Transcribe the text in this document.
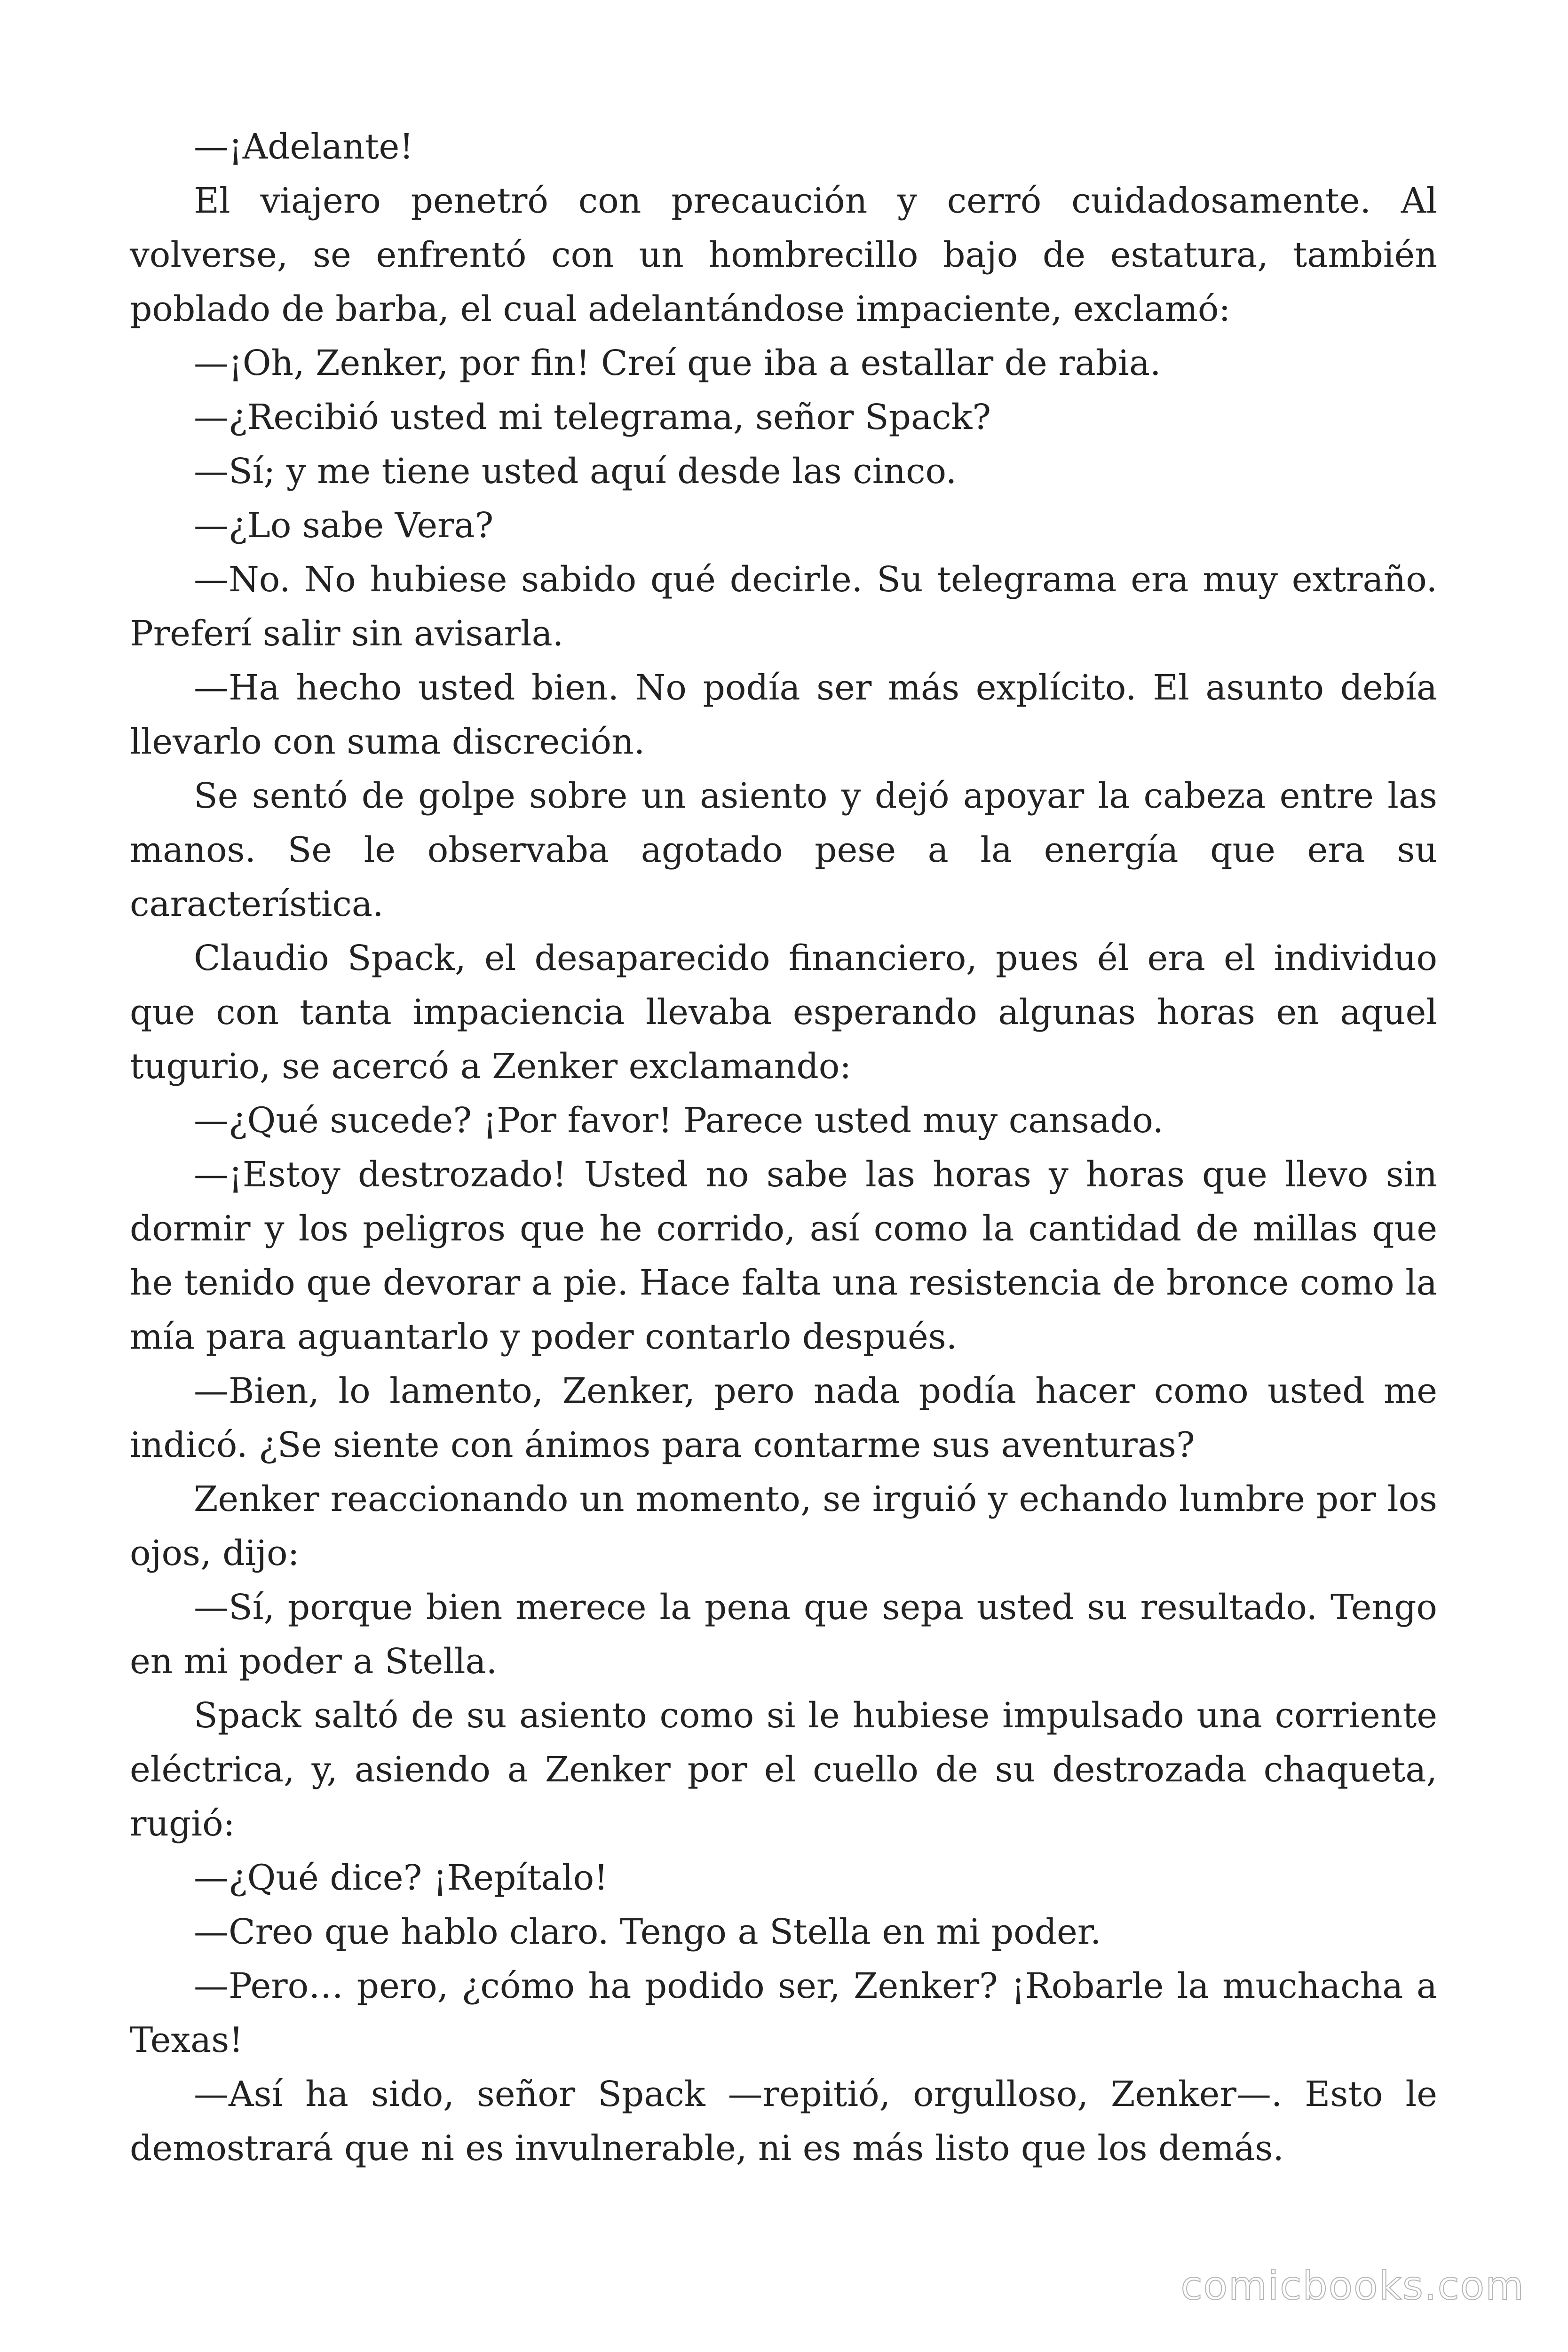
—¡Adelante!

El viajero penetró con precaución y cerró cuidadosamente. Al volverse, se enfrentó con un hombrecillo bajo de estatura, también poblado de barba, el cual adelantándose impaciente, exclamó:

—¡Oh, Zenker, por fin! Creí que iba a estallar de rabia.

—¿Recibió usted mi telegrama, señor Spack?

—Sí; y me tiene usted aquí desde las cinco.

—¿Lo sabe Vera?

—No. No hubiese sabido qué decirle. Su telegrama era muy extraño. Preferí salir sin avisarla.

—Ha hecho usted bien. No podía ser más explícito. El asunto debía llevarlo con suma discreción.

Se sentó de golpe sobre un asiento y dejó apoyar la cabeza entre las manos. Se le observaba agotado pese a la energía que era su característica.

Claudio Spack, el desaparecido financiero, pues él era el individuo que con tanta impaciencia llevaba esperando algunas horas en aquel tugurio, se acercó a Zenker exclamando:

—¿Qué sucede? ¡Por favor! Parece usted muy cansado.

—¡Estoy destrozado! Usted no sabe las horas y horas que llevo sin dormir y los peligros que he corrido, así como la cantidad de millas que he tenido que devorar a pie. Hace falta una resistencia de bronce como la mía para aguantarlo y poder contarlo después.

—Bien, lo lamento, Zenker, pero nada podía hacer como usted me indicó. ¿Se siente con ánimos para contarme sus aventuras?

Zenker reaccionando un momento, se irguió y echando lumbre por los ojos, dijo:

—Sí, porque bien merece la pena que sepa usted su resultado. Tengo en mi poder a Stella.

Spack saltó de su asiento como si le hubiese impulsado una corriente eléctrica, y, asiendo a Zenker por el cuello de su destrozada chaqueta, rugió:

—¿Qué dice? ¡Repítalo!

—Creo que hablo claro. Tengo a Stella en mi poder.

—Pero… pero, ¿cómo ha podido ser, Zenker? ¡Robarle la muchacha a Texas!

—Así ha sido, señor Spack —repitió, orgulloso, Zenker—. Esto le demostrará que ni es invulnerable, ni es más listo que los demás.

comicbooks.com
